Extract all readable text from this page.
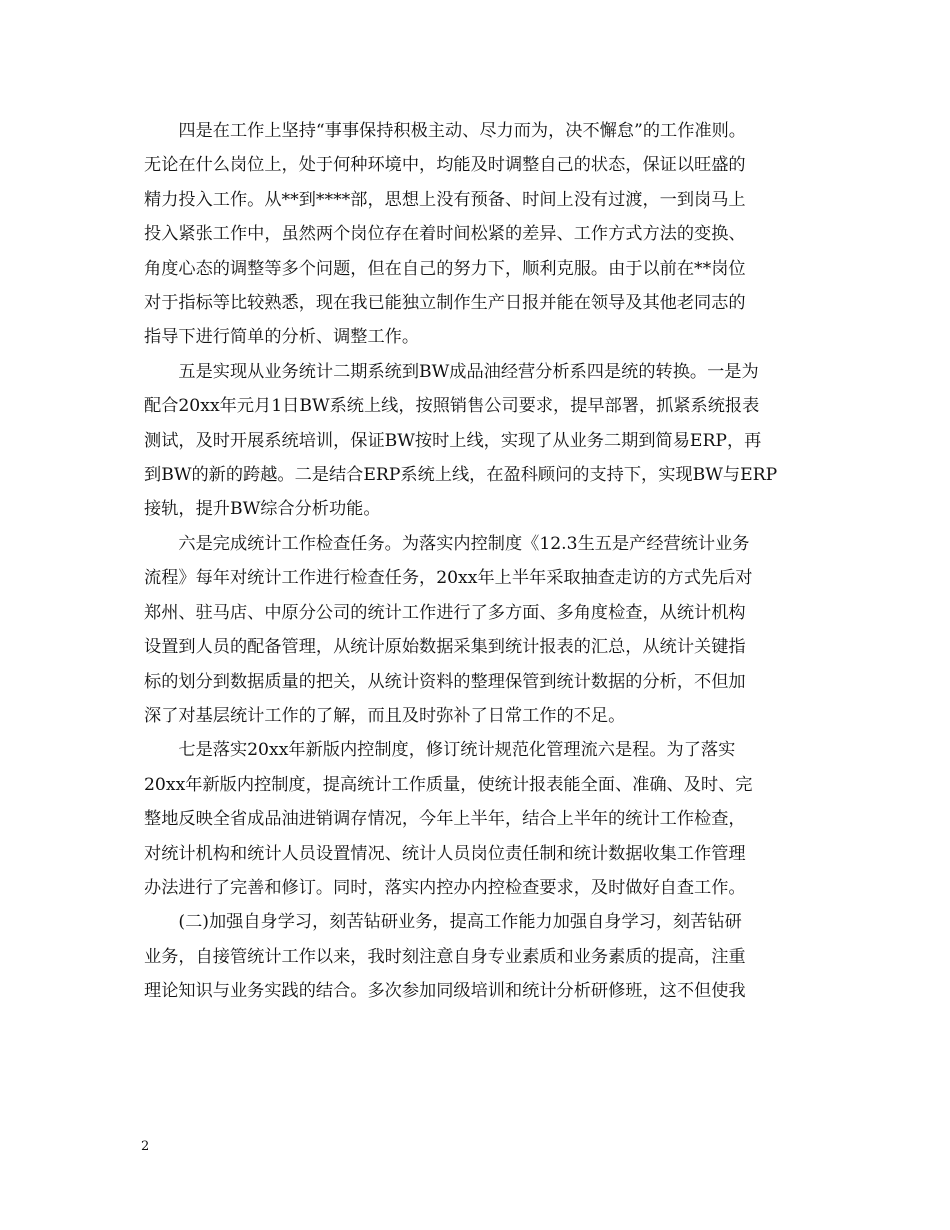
　　四是在工作上坚持“事事保持积极主动、尽力而为，决不懈怠”的工作准则。
无论在什么岗位上，处于何种环境中，均能及时调整自己的状态，保证以旺盛的
精力投入工作。从**到****部，思想上没有预备、时间上没有过渡，一到岗马上
投入紧张工作中，虽然两个岗位存在着时间松紧的差异、工作方式方法的变换、
角度心态的调整等多个问题，但在自己的努力下，顺利克服。由于以前在**岗位
对于指标等比较熟悉，现在我已能独立制作生产日报并能在领导及其他老同志的
指导下进行简单的分析、调整工作。
　　五是实现从业务统计二期系统到BW成品油经营分析系四是统的转换。一是为
配合20xx年元月1日BW系统上线，按照销售公司要求，提早部署，抓紧系统报表
测试，及时开展系统培训，保证BW按时上线，实现了从业务二期到简易ERP，再
到BW的新的跨越。二是结合ERP系统上线，在盈科顾问的支持下，实现BW与ERP
接轨，提升BW综合分析功能。
　　六是完成统计工作检查任务。为落实内控制度《12.3生五是产经营统计业务
流程》每年对统计工作进行检查任务，20xx年上半年采取抽查走访的方式先后对
郑州、驻马店、中原分公司的统计工作进行了多方面、多角度检查，从统计机构
设置到人员的配备管理，从统计原始数据采集到统计报表的汇总，从统计关键指
标的划分到数据质量的把关，从统计资料的整理保管到统计数据的分析，不但加
深了对基层统计工作的了解，而且及时弥补了日常工作的不足。
　　七是落实20xx年新版内控制度，修订统计规范化管理流六是程。为了落实
20xx年新版内控制度，提高统计工作质量，使统计报表能全面、准确、及时、完
整地反映全省成品油进销调存情况，今年上半年，结合上半年的统计工作检查，
对统计机构和统计人员设置情况、统计人员岗位责任制和统计数据收集工作管理
办法进行了完善和修订。同时，落实内控办内控检查要求，及时做好自查工作。
　　(二)加强自身学习，刻苦钻研业务，提高工作能力加强自身学习，刻苦钻研
业务，自接管统计工作以来，我时刻注意自身专业素质和业务素质的提高，注重
理论知识与业务实践的结合。多次参加同级培训和统计分析研修班，这不但使我
2
